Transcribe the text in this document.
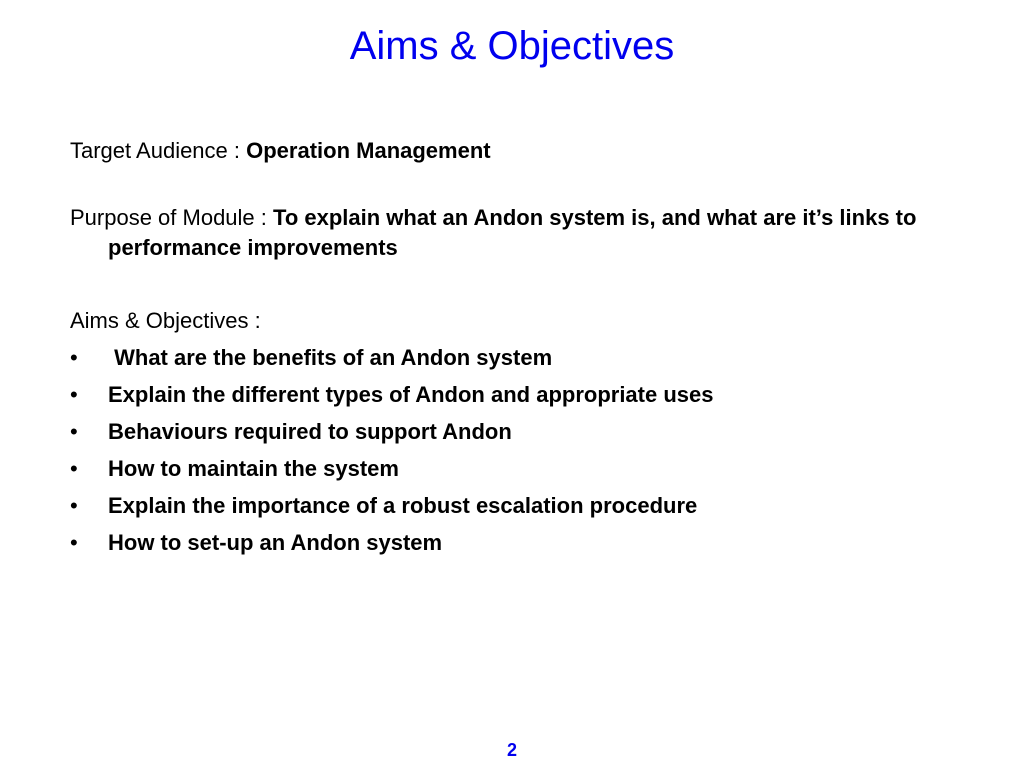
Aims & Objectives

Target Audience : Operation Management

Purpose of Module : To explain what an Andon system is, and what are it’s links to performance improvements

Aims & Objectives :

• What are the benefits of an Andon system
• Explain the different types of Andon and appropriate uses
• Behaviours required to support Andon
• How to maintain the system
• Explain the importance of a robust escalation procedure
• How to set-up an Andon system
2
